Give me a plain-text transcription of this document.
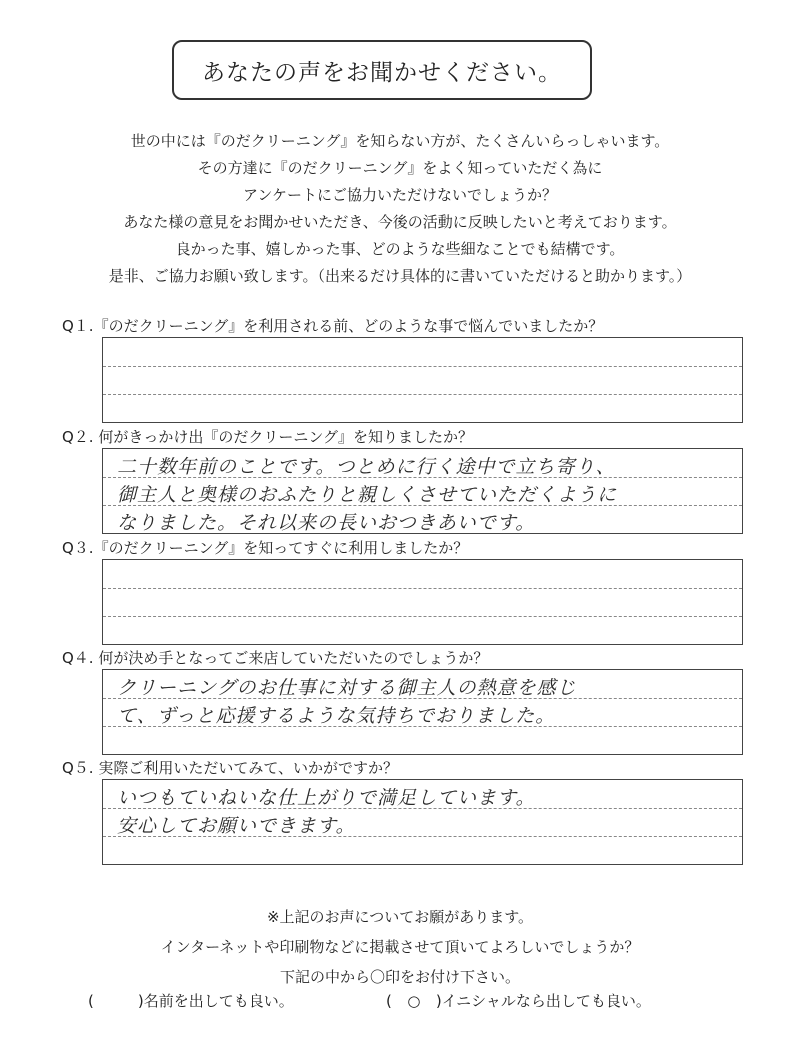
あなたの声をお聞かせください。
世の中には『のだクリーニング』を知らない方が、たくさんいらっしゃいます。
その方達に『のだクリーニング』をよく知っていただく為に
アンケートにご協力いただけないでしょうか？
あなた様の意見をお聞かせいただき、今後の活動に反映したいと考えております。
良かった事、嬉しかった事、どのような些細なことでも結構です。
是非、ご協力お願い致します。（出来るだけ具体的に書いていただけると助かります。）
Q１.『のだクリーニング』を利用される前、どのような事で悩んでいましたか？
Q２. 何がきっかけ出『のだクリーニング』を知りましたか？
二十数年前のことです。つとめに行く途中で立ち寄り、
御主人と奥様のおふたりと親しくさせていただくように
なりました。それ以来の長いおつきあいです。
Q３.『のだクリーニング』を知ってすぐに利用しましたか？
Q４. 何が決め手となってご来店していただいたのでしょうか？
クリーニングのお仕事に対する御主人の熱意を感じ
て、ずっと応援するような気持ちでおりました。
Q５. 実際ご利用いただいてみて、いかがですか？
いつもていねいな仕上がりで満足しています。
安心してお願いできます。
※上記のお声についてお願があります。
インターネットや印刷物などに掲載させて頂いてよろしいでしょうか？
下記の中から〇印をお付け下さい。
(	)名前を出しても良い。	( ○ )イニシャルなら出しても良い。
